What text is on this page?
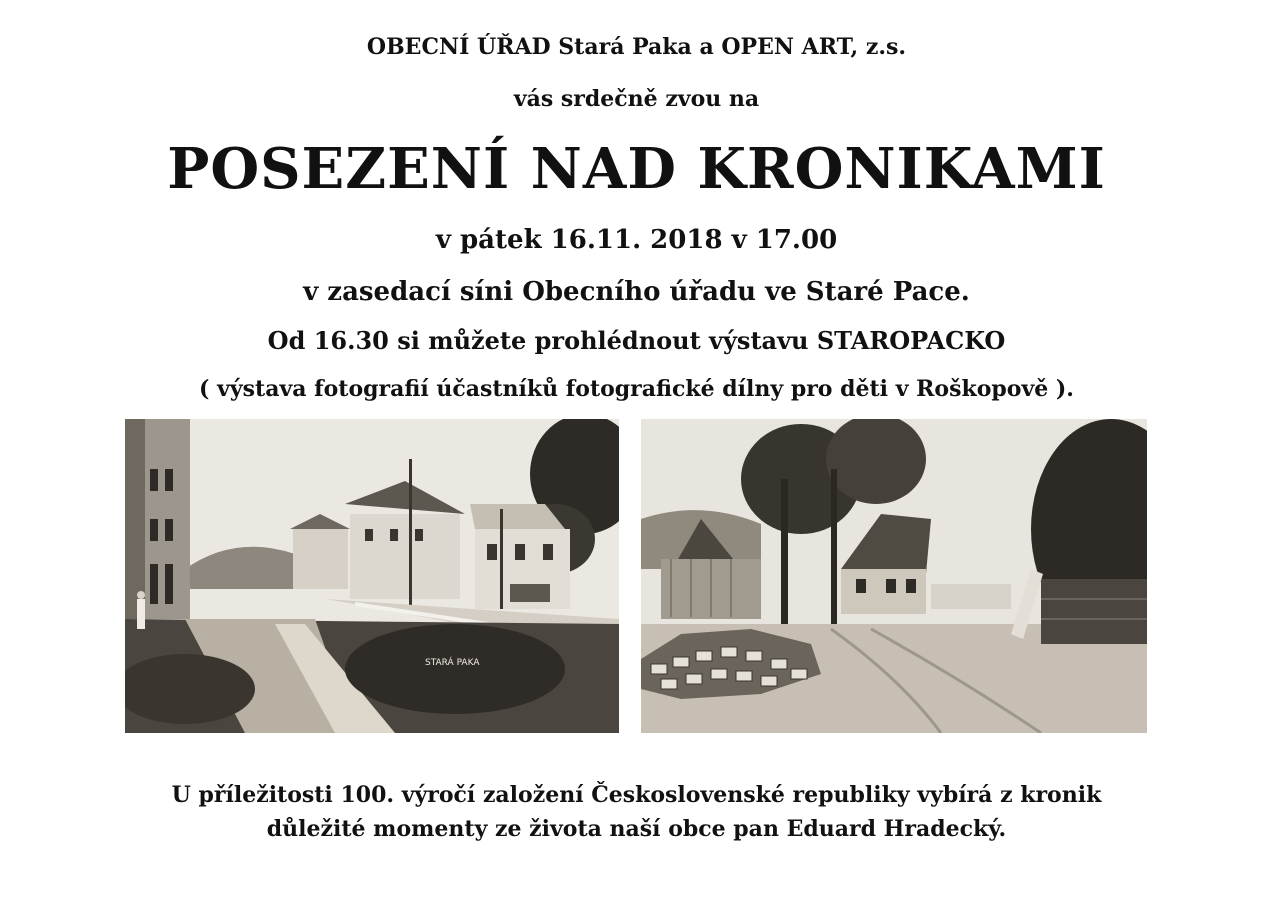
OBECNÍ ÚŘAD Stará Paka a OPEN ART, z.s.
vás srdečně zvou na
POSEZENÍ NAD KRONIKAMI
v pátek 16.11. 2018 v 17.00
v zasedací síni Obecního úřadu ve Staré Pace.
Od 16.30 si můžete prohlédnout výstavu STAROPACKO
( výstava fotografií účastníků fotografické dílny pro děti v Roškopově ).
STARÁ PAKA
U příležitosti 100. výročí založení Československé republiky vybírá z kronik
důležité momenty ze života naší obce pan Eduard Hradecký.
